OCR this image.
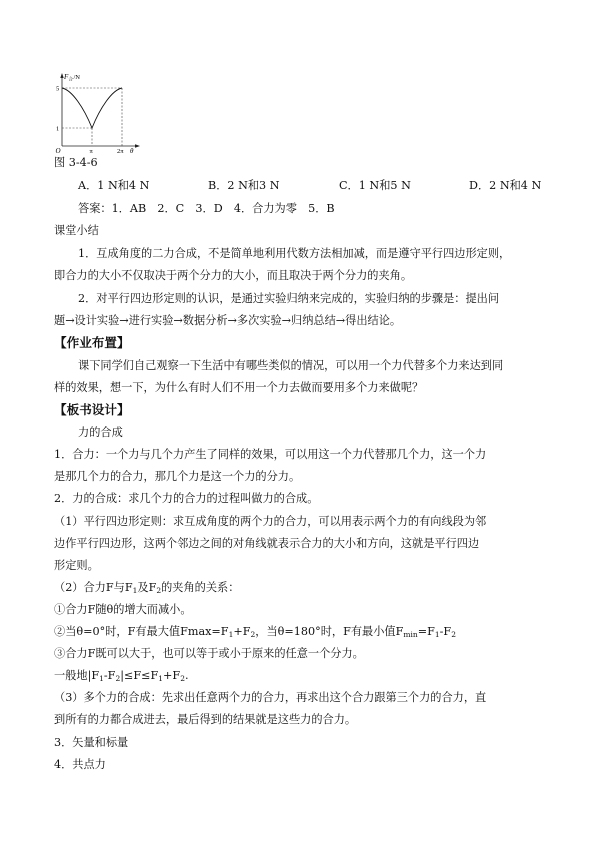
F 合 /N
5
1
O	π	2π θ
图 3-4-6
A．1 N和4 N	B．2 N和3 N	C．1 N和5 N	D．2 N和4 N
答案：1．AB　2．C　3．D　4．合力为零　5．B
课堂小结
1．互成角度的二力合成，不是简单地利用代数方法相加减，而是遵守平行四边形定则，
即合力的大小不仅取决于两个分力的大小，而且取决于两个分力的夹角。
2．对平行四边形定则的认识，是通过实验归纳来完成的，实验归纳的步骤是：提出问
题→设计实验→进行实验→数据分析→多次实验→归纳总结→得出结论。
【作业布置】
课下同学们自己观察一下生活中有哪些类似的情况，可以用一个力代替多个力来达到同
样的效果，想一下，为什么有时人们不用一个力去做而要用多个力来做呢？
【板书设计】
力的合成
1．合力：一个力与几个力产生了同样的效果，可以用这一个力代替那几个力，这一个力
是那几个力的合力，那几个力是这一个力的分力。
2．力的合成：求几个力的合力的过程叫做力的合成。
（1）平行四边形定则：求互成角度的两个力的合力，可以用表示两个力的有向线段为邻
边作平行四边形，这两个邻边之间的对角线就表示合力的大小和方向，这就是平行四边
形定则。
（2）合力F与$F_1$及$F_2$的夹角的关系：
①合力F随θ的增大而减小。
②当θ=0°时，F有最大值$Fmax=F_1+F_2$，当θ=180°时，F有最小值$F_{min}=F_1-F_2$
③合力F既可以大于，也可以等于或小于原来的任意一个分力。
一般地$|F_1-F_2|\le F\le F_1+F_2$.
（3）多个力的合成：先求出任意两个力的合力，再求出这个合力跟第三个力的合力，直
到所有的力都合成进去，最后得到的结果就是这些力的合力。
3．矢量和标量
4．共点力
